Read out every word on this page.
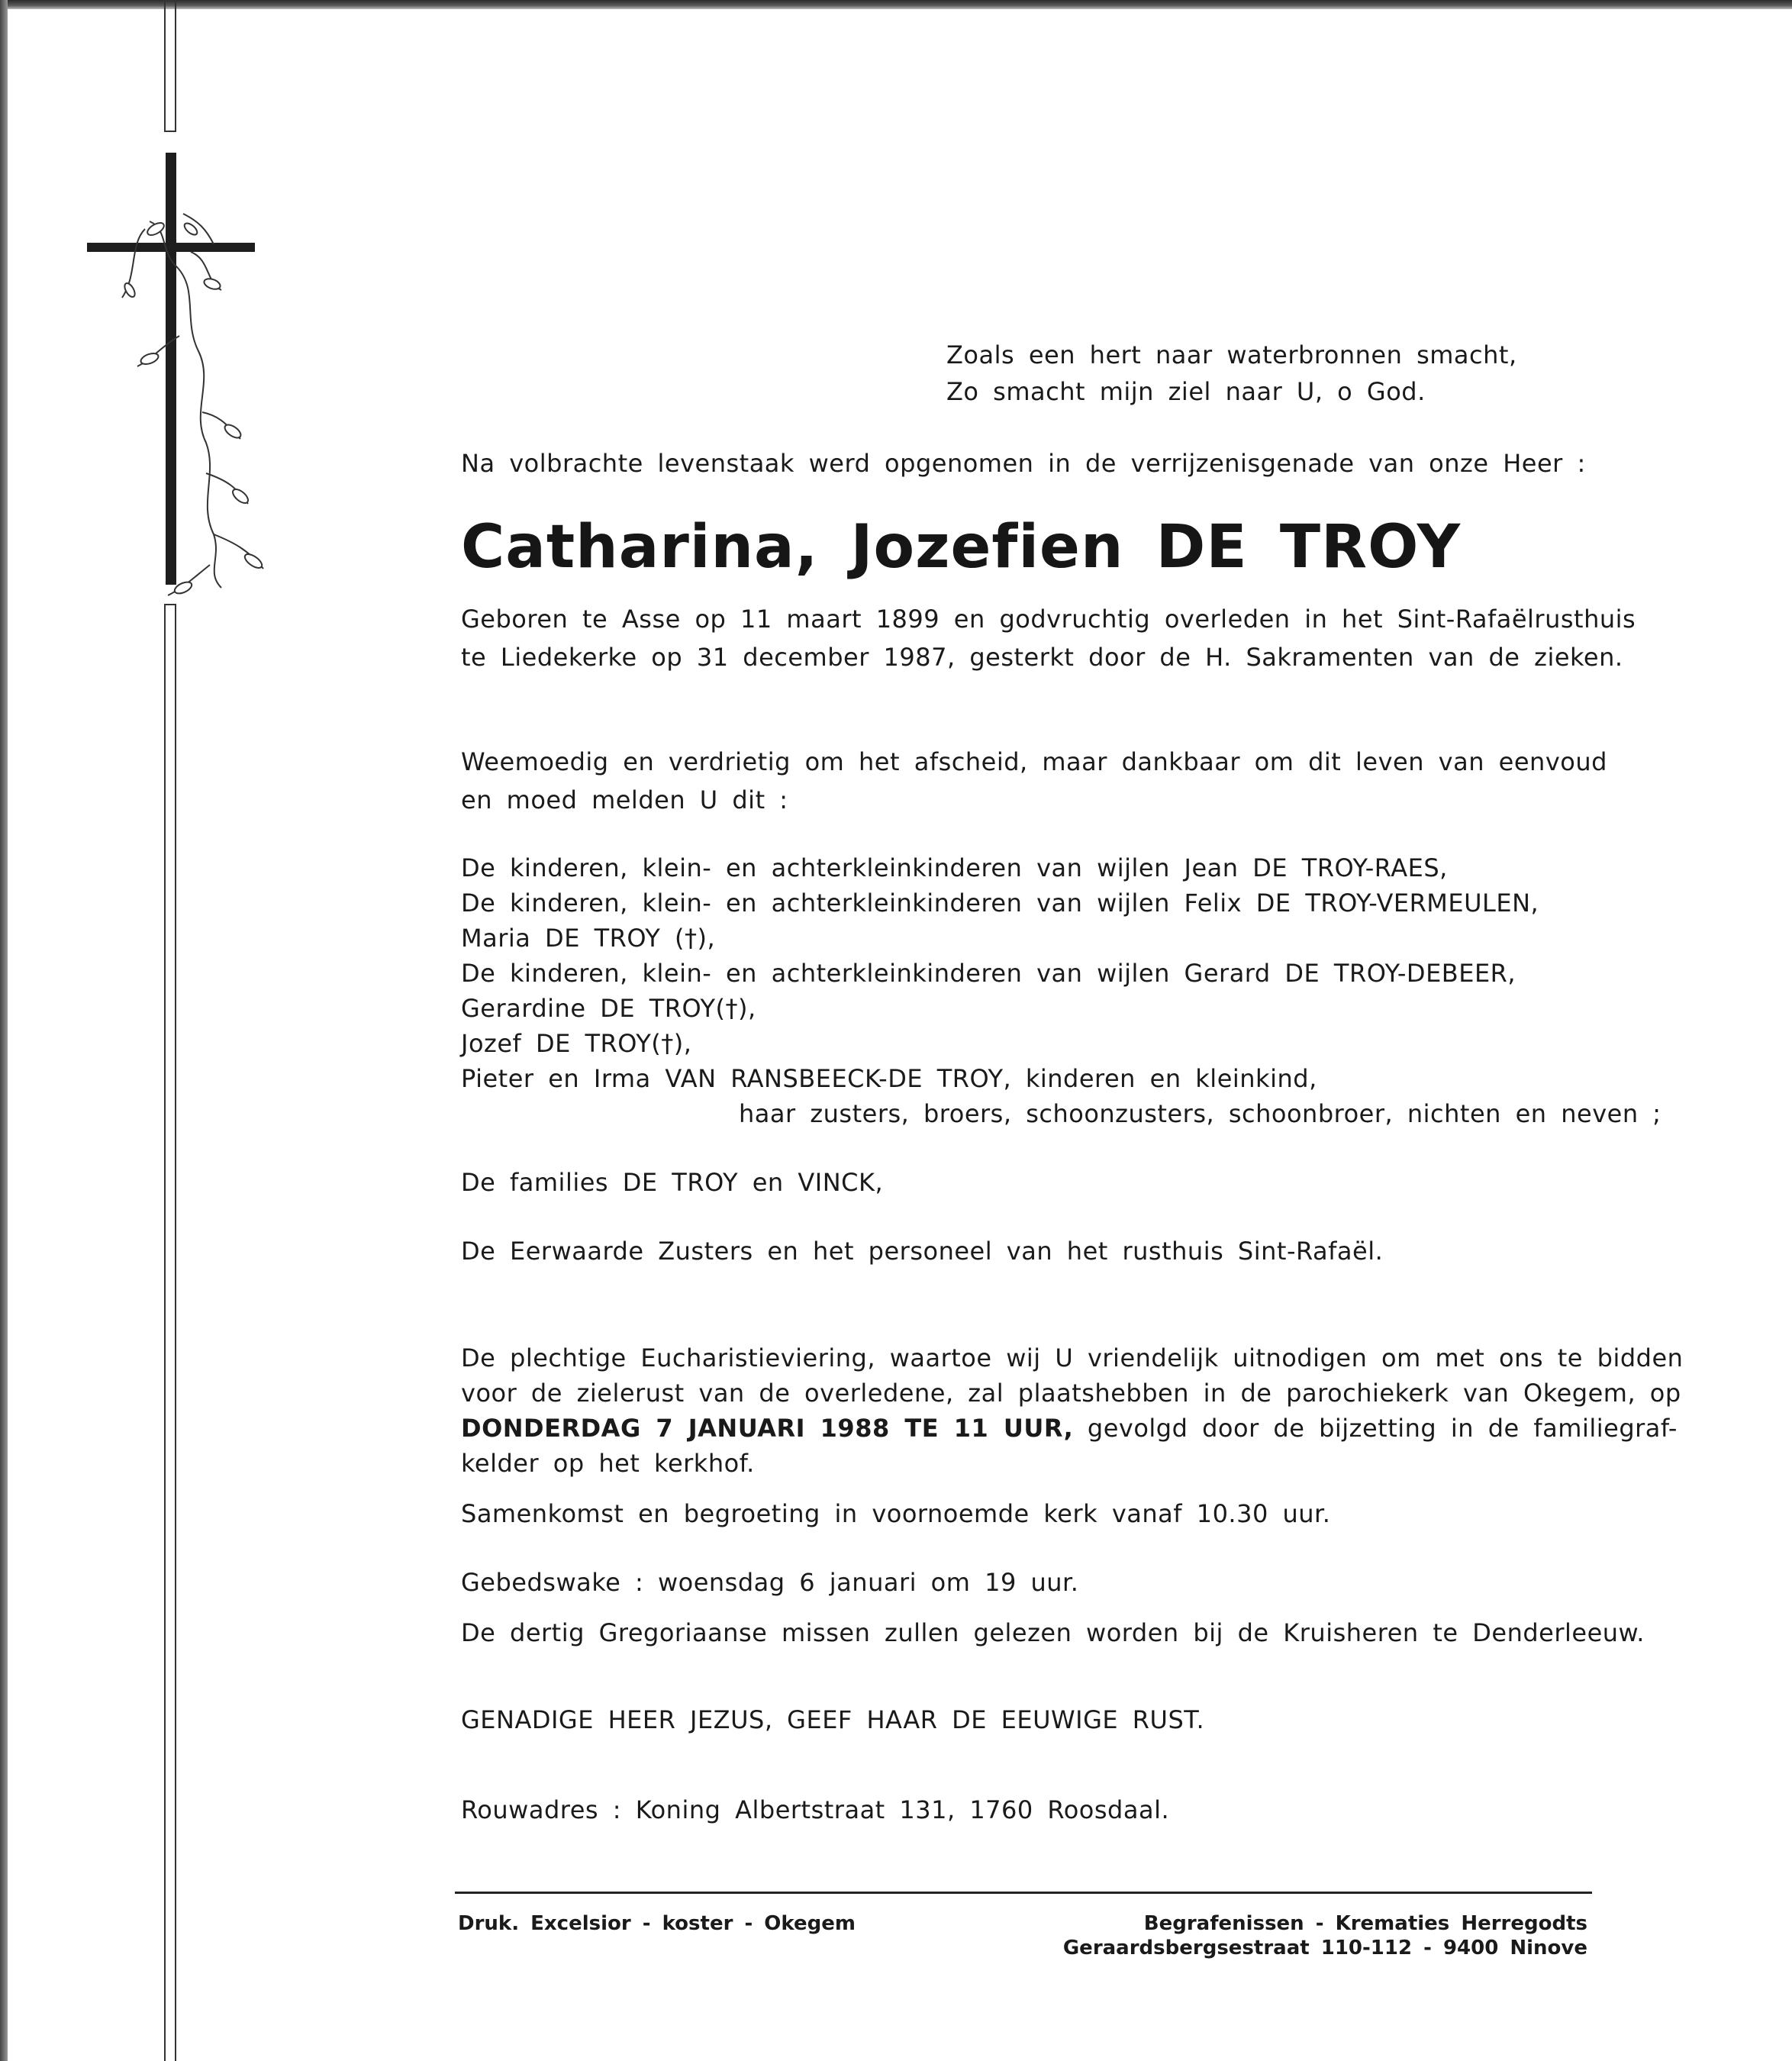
Zoals een hert naar waterbronnen smacht,
Zo smacht mijn ziel naar U, o God.
Na volbrachte levenstaak werd opgenomen in de verrijzenisgenade van onze Heer :
Catharina, Jozefien DE TROY
Geboren te Asse op 11 maart 1899 en godvruchtig overleden in het Sint-Rafaëlrusthuis
te Liedekerke op 31 december 1987, gesterkt door de H. Sakramenten van de zieken.
Weemoedig en verdrietig om het afscheid, maar dankbaar om dit leven van eenvoud
en moed melden U dit :
De kinderen, klein- en achterkleinkinderen van wijlen Jean DE TROY-RAES,
De kinderen, klein- en achterkleinkinderen van wijlen Felix DE TROY-VERMEULEN,
Maria DE TROY (†),
De kinderen, klein- en achterkleinkinderen van wijlen Gerard DE TROY-DEBEER,
Gerardine DE TROY(†),
Jozef DE TROY(†),
Pieter en Irma VAN RANSBEECK-DE TROY, kinderen en kleinkind,
haar zusters, broers, schoonzusters, schoonbroer, nichten en neven ;
De families DE TROY en VINCK,
De Eerwaarde Zusters en het personeel van het rusthuis Sint-Rafaël.
De plechtige Eucharistieviering, waartoe wij U vriendelijk uitnodigen om met ons te bidden
voor de zielerust van de overledene, zal plaatshebben in de parochiekerk van Okegem, op
DONDERDAG 7 JANUARI 1988 TE 11 UUR, gevolgd door de bijzetting in de familiegraf-
kelder op het kerkhof.
Samenkomst en begroeting in voornoemde kerk vanaf 10.30 uur.
Gebedswake : woensdag 6 januari om 19 uur.
De dertig Gregoriaanse missen zullen gelezen worden bij de Kruisheren te Denderleeuw.
GENADIGE HEER JEZUS, GEEF HAAR DE EEUWIGE RUST.
Rouwadres : Koning Albertstraat 131, 1760 Roosdaal.
Druk. Excelsior - koster - Okegem	Begrafenissen - Krematies Herregodts
Geraardsbergsestraat 110-112 - 9400 Ninove
